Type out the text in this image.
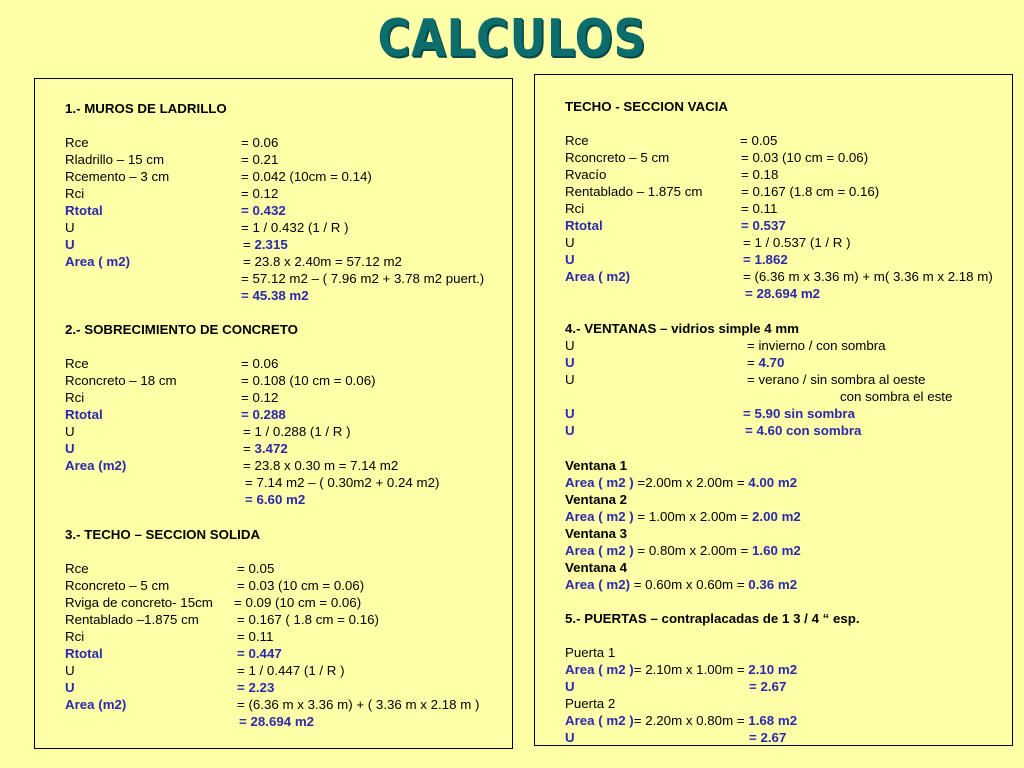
CALCULOS
1.- MUROS DE LADRILLO
Rce	= 0.06
Rladrillo – 15 cm	= 0.21
Rcemento – 3 cm	= 0.042 (10cm = 0.14)
Rci	= 0.12
Rtotal	= 0.432
U	= 1 / 0.432 (1 / R )
U	= 2.315
Area ( m2)	= 23.8 x 2.40m = 57.12 m2
= 57.12 m2 – ( 7.96 m2 + 3.78 m2 puert.)
= 45.38 m2
2.- SOBRECIMIENTO DE CONCRETO
Rce	= 0.06
Rconcreto – 18 cm	= 0.108 (10 cm = 0.06)
Rci	= 0.12
Rtotal	= 0.288
U	= 1 / 0.288 (1 / R )
U	= 3.472
Area (m2)	= 23.8 x 0.30 m = 7.14 m2
= 7.14 m2 – ( 0.30m2 + 0.24 m2)
= 6.60 m2
3.- TECHO – SECCION SOLIDA
Rce	= 0.05
Rconcreto – 5 cm	= 0.03 (10 cm = 0.06)
Rviga de concreto- 15cm = 0.09 (10 cm = 0.06)
Rentablado –1.875 cm	= 0.167 ( 1.8 cm = 0.16)
Rci	= 0.11
Rtotal	= 0.447
U	= 1 / 0.447 (1 / R )
U	= 2.23
Area (m2)	= (6.36 m x 3.36 m) + ( 3.36 m x 2.18 m )
= 28.694 m2
TECHO - SECCION VACIA
Rce	= 0.05
Rconcreto – 5 cm	= 0.03 (10 cm = 0.06)
Rvacío	= 0.18
Rentablado – 1.875 cm	= 0.167 (1.8 cm = 0.16)
Rci	= 0.11
Rtotal	= 0.537
U	= 1 / 0.537 (1 / R )
U	= 1.862
Area ( m2)	= (6.36 m x 3.36 m) + m( 3.36 m x 2.18 m)
= 28.694 m2
4.- VENTANAS – vidrios simple 4 mm
U	= invierno / con sombra
U	= 4.70
U	= verano / sin sombra al oeste
con sombra el este
U	= 5.90 sin sombra
U	= 4.60 con sombra
Ventana 1
Area ( m2 ) =2.00m x 2.00m = 4.00 m2
Ventana 2
Area ( m2 ) = 1.00m x 2.00m = 2.00 m2
Ventana 3
Area ( m2 ) = 0.80m x 2.00m = 1.60 m2
Ventana 4
Area ( m2) = 0.60m x 0.60m = 0.36 m2
5.- PUERTAS – contraplacadas de 1 3 / 4 “ esp.
Puerta 1
Area ( m2 )= 2.10m x 1.00m = 2.10 m2
U	= 2.67
Puerta 2
Area ( m2 )= 2.20m x 0.80m = 1.68 m2
U	= 2.67
